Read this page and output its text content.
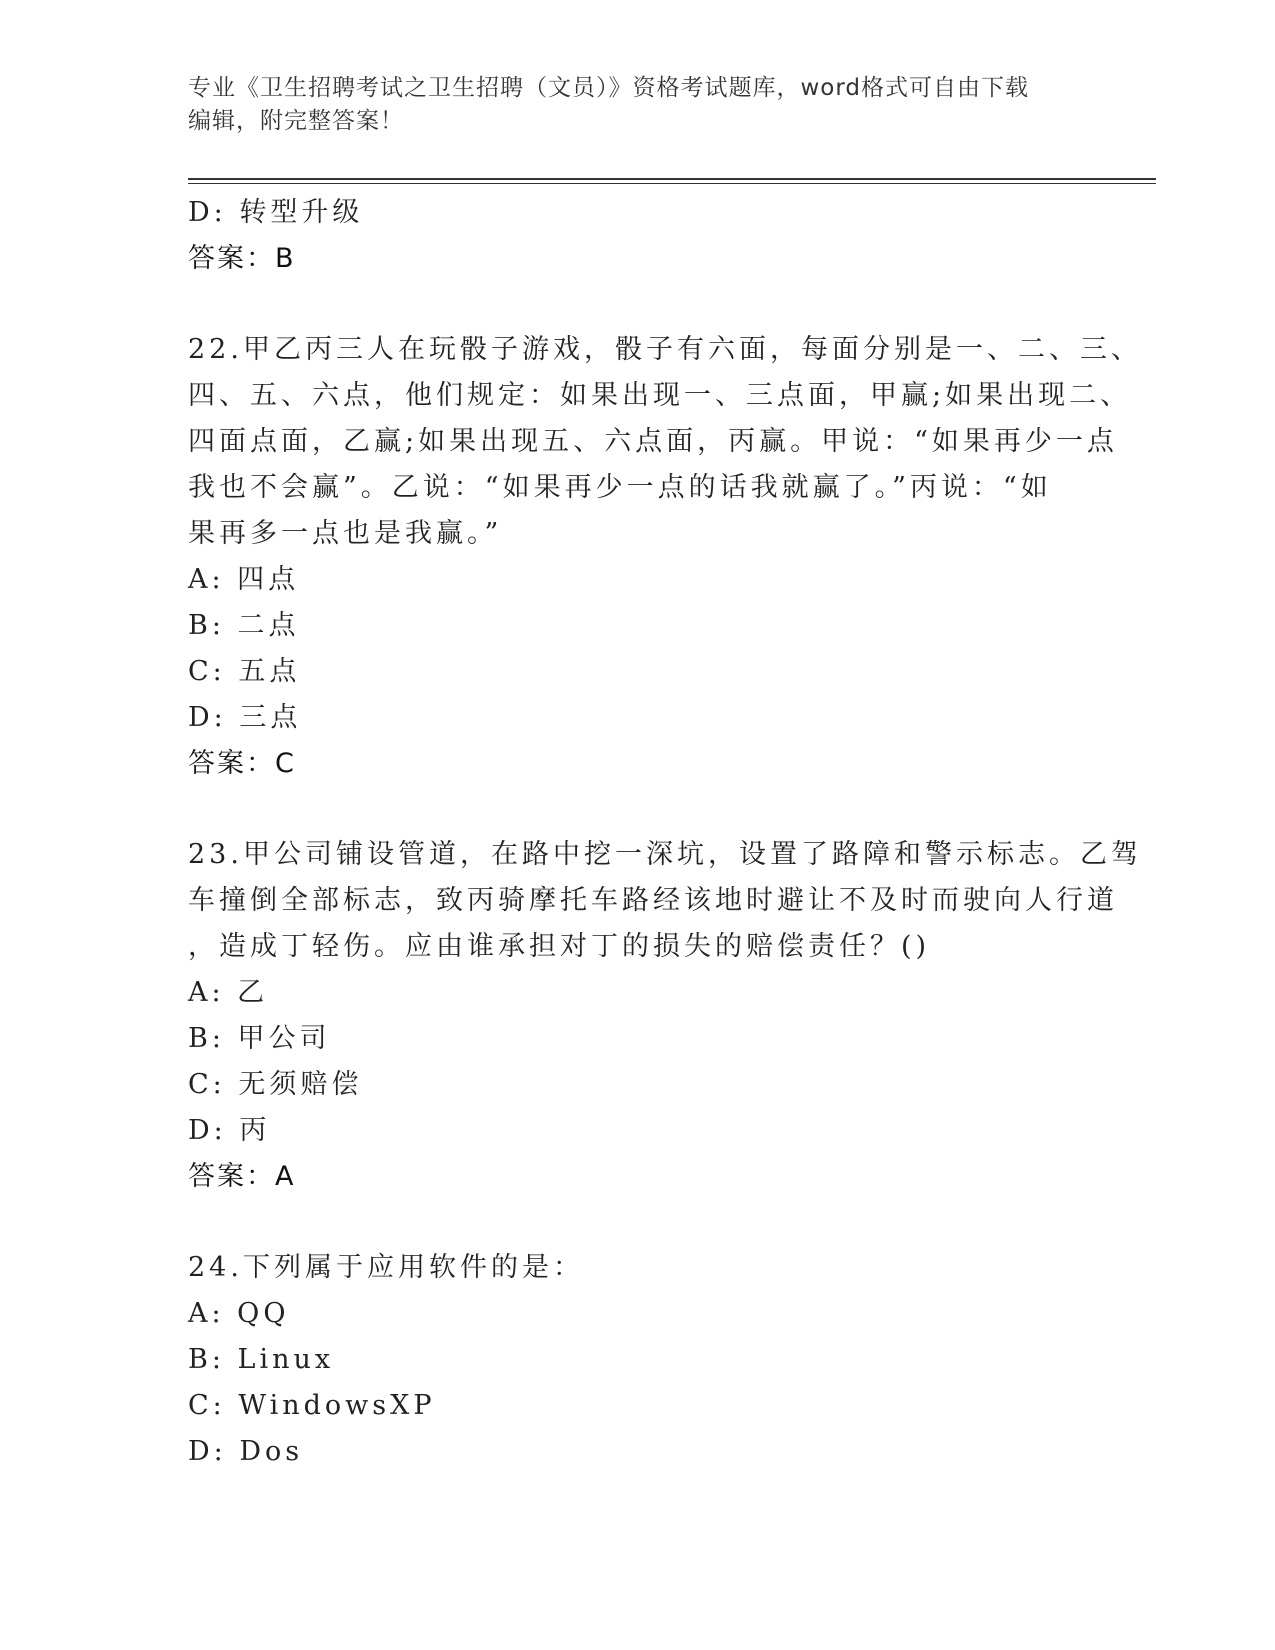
专业《卫生招聘考试之卫生招聘（文员）》资格考试题库，word格式可自由下载
编辑，附完整答案！
D: 转型升级
答案：B
22.甲乙丙三人在玩骰子游戏，骰子有六面，每面分别是一、二、三、
四、五、六点，他们规定：如果出现一、三点面，甲赢;如果出现二、
四面点面，乙赢;如果出现五、六点面，丙赢。甲说：“如果再少一点
我也不会赢”。乙说：“如果再少一点的话我就赢了。”丙说：“如
果再多一点也是我赢。”
A: 四点
B: 二点
C: 五点
D: 三点
答案：C
23.甲公司铺设管道，在路中挖一深坑，设置了路障和警示标志。乙驾
车撞倒全部标志，致丙骑摩托车路经该地时避让不及时而驶向人行道
，造成丁轻伤。应由谁承担对丁的损失的赔偿责任？()
A: 乙
B: 甲公司
C: 无须赔偿
D: 丙
答案：A
24.下列属于应用软件的是：
A: QQ
B: Linux
C: WindowsXP
D: Dos
